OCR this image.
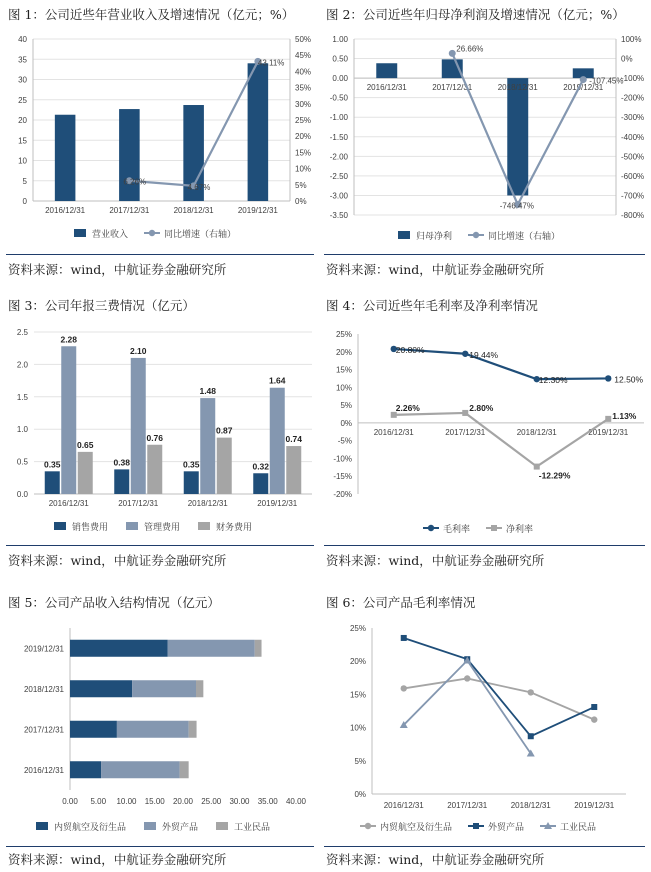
图 1：公司近些年营业收入及增速情况（亿元；%）	图 2：公司近些年归母净利润及增速情况（亿元；%）
图 3：公司年报三费情况（亿元）	图 4：公司近些年毛利率及净利率情况
图 5：公司产品收入结构情况（亿元）	图 6：公司产品毛利率情况
0
5
10
15
20
25
30
35
40
0%
5%
10%
15%
20%
25%
30%
35%
40%
45%
50%
2016/12/31	2017/12/31	2018/12/31	2019/12/31
6.26%
4.67%
43.11%
营业收入	同比增速（右轴）
1.00
0.50
0.00
-0.50
-1.00
-1.50
-2.00
-2.50
-3.00
-3.50
100%
0%
-100%
-200%
-300%
-400%
-500%
-600%
-700%
-800%
2016/12/31	2017/12/31	2018/12/31	2019/12/31
26.66%
-746.47%
-107.45%
归母净利	同比增速（右轴）
0.0
0.5
1.0
1.5
2.0
2.5
0.35
2.28
0.65
2016/12/31
0.38
2.10
0.76
2017/12/31
0.35
1.48
0.87
2018/12/31
0.32
1.64
0.74
2019/12/31
销售费用	管理费用	财务费用
25%
20%
15%
10%
5%
0%
-5%
-10%
-15%
-20%
2016/12/31	2017/12/31	2018/12/31	2019/12/31
20.80%	19.44%
12.30%	12.50%
2.26%	2.80%
-12.29%
1.13%
毛利率	净利率
0.00 5.00 10.00 15.00 20.00 25.00 30.00 35.00 40.00
2019/12/31
2018/12/31
2017/12/31
2016/12/31
内贸航空及衍生品	外贸产品	工业民品
25%
20%
15%
10%
5%
0%
2016/12/31	2017/12/31	2018/12/31	2019/12/31
内贸航空及衍生品	外贸产品	工业民品
资料来源：wind，中航证券金融研究所	资料来源：wind，中航证券金融研究所
资料来源：wind，中航证券金融研究所	资料来源：wind，中航证券金融研究所
资料来源：wind，中航证券金融研究所	资料来源：wind，中航证券金融研究所
